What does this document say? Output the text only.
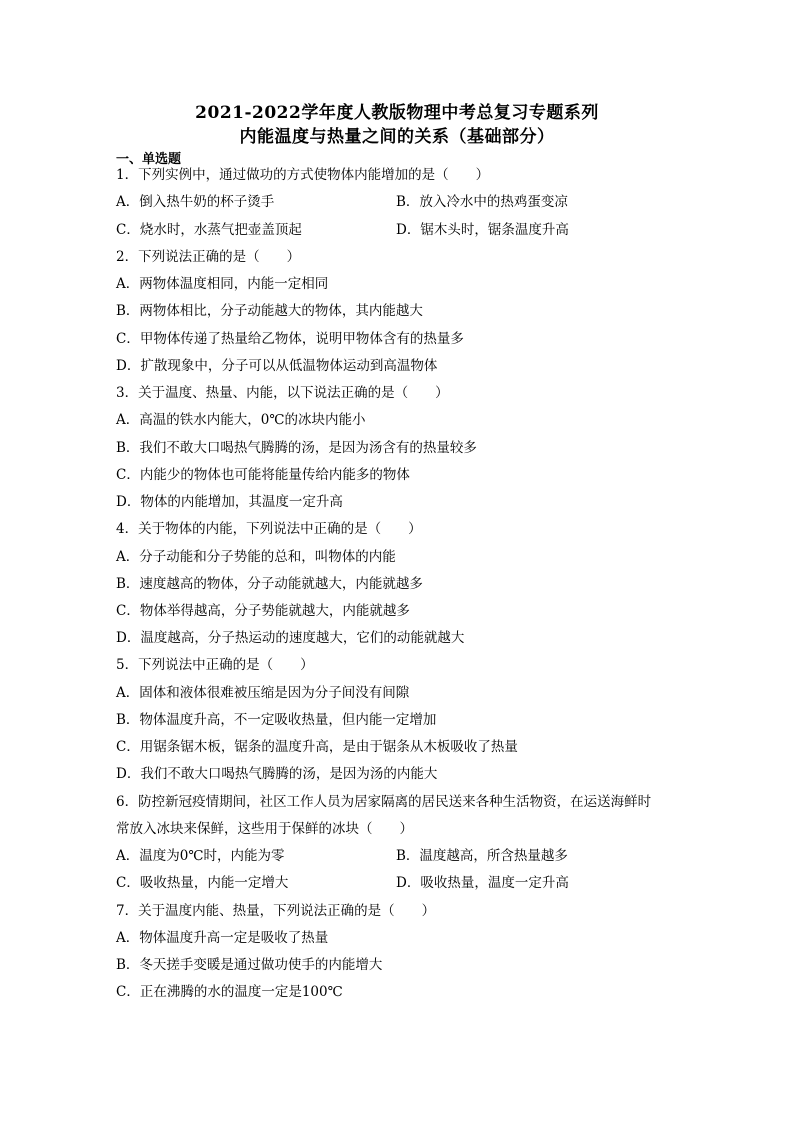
2021-2022学年度人教版物理中考总复习专题系列
内能温度与热量之间的关系（基础部分）
一、单选题
1．下列实例中，通过做功的方式使物体内能增加的是（　　）
A．倒入热牛奶的杯子烫手	B．放入冷水中的热鸡蛋变凉
C．烧水时，水蒸气把壶盖顶起	D．锯木头时，锯条温度升高
2．下列说法正确的是（　　）
A．两物体温度相同，内能一定相同
B．两物体相比，分子动能越大的物体，其内能越大
C．甲物体传递了热量给乙物体，说明甲物体含有的热量多
D．扩散现象中，分子可以从低温物体运动到高温物体
3．关于温度、热量、内能，以下说法正确的是（　　）
A．高温的铁水内能大，0℃的冰块内能小
B．我们不敢大口喝热气腾腾的汤，是因为汤含有的热量较多
C．内能少的物体也可能将能量传给内能多的物体
D．物体的内能增加，其温度一定升高
4．关于物体的内能，下列说法中正确的是（　　）
A．分子动能和分子势能的总和，叫物体的内能
B．速度越高的物体，分子动能就越大，内能就越多
C．物体举得越高，分子势能就越大，内能就越多
D．温度越高，分子热运动的速度越大，它们的动能就越大
5．下列说法中正确的是（　　）
A．固体和液体很难被压缩是因为分子间没有间隙
B．物体温度升高，不一定吸收热量，但内能一定增加
C．用锯条锯木板，锯条的温度升高，是由于锯条从木板吸收了热量
D．我们不敢大口喝热气腾腾的汤，是因为汤的内能大
6．防控新冠疫情期间，社区工作人员为居家隔离的居民送来各种生活物资，在运送海鲜时
常放入冰块来保鲜，这些用于保鲜的冰块（　　）
A．温度为0℃时，内能为零	B．温度越高，所含热量越多
C．吸收热量，内能一定增大	D．吸收热量，温度一定升高
7．关于温度内能、热量，下列说法正确的是（　　）
A．物体温度升高一定是吸收了热量
B．冬天搓手变暖是通过做功使手的内能增大
C．正在沸腾的水的温度一定是100℃
